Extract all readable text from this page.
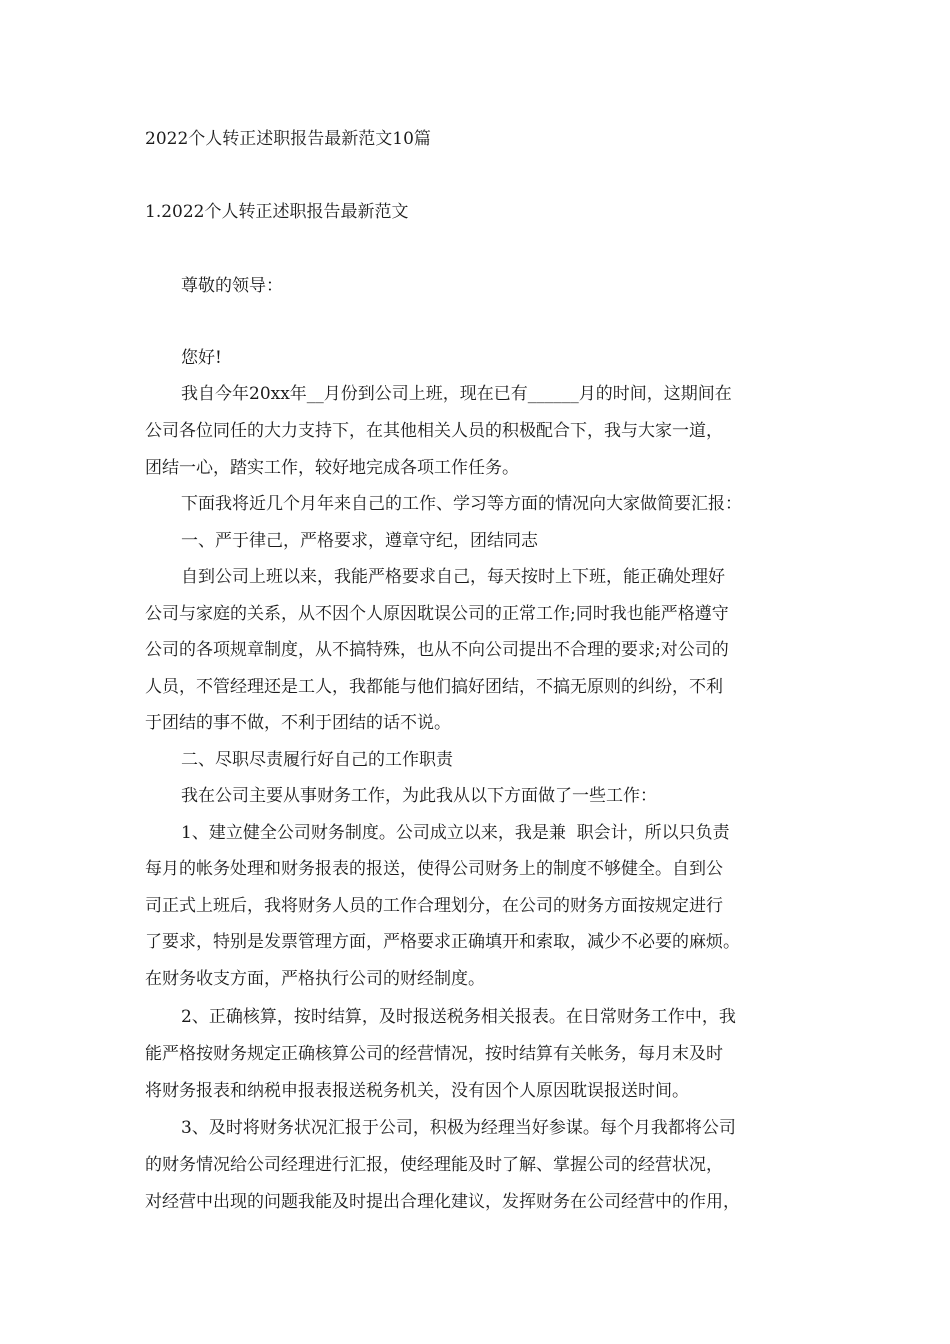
2022个人转正述职报告最新范文10篇
1.2022个人转正述职报告最新范文
尊敬的领导：
您好!
我自今年20xx年__月份到公司上班，现在已有______月的时间，这期间在
公司各位同任的大力支持下，在其他相关人员的积极配合下，我与大家一道，
团结一心，踏实工作，较好地完成各项工作任务。
下面我将近几个月年来自己的工作、学习等方面的情况向大家做简要汇报：
一、严于律己，严格要求，遵章守纪，团结同志
自到公司上班以来，我能严格要求自己，每天按时上下班，能正确处理好
公司与家庭的关系，从不因个人原因耽误公司的正常工作;同时我也能严格遵守
公司的各项规章制度，从不搞特殊，也从不向公司提出不合理的要求;对公司的
人员，不管经理还是工人，我都能与他们搞好团结，不搞无原则的纠纷，不利
于团结的事不做，不利于团结的话不说。
二、尽职尽责履行好自己的工作职责
我在公司主要从事财务工作，为此我从以下方面做了一些工作：
1、建立健全公司财务制度。公司成立以来，我是兼  职会计，所以只负责
每月的帐务处理和财务报表的报送，使得公司财务上的制度不够健全。自到公
司正式上班后，我将财务人员的工作合理划分，在公司的财务方面按规定进行
了要求，特别是发票管理方面，严格要求正确填开和索取，减少不必要的麻烦。
在财务收支方面，严格执行公司的财经制度。
2、正确核算，按时结算，及时报送税务相关报表。在日常财务工作中，我
能严格按财务规定正确核算公司的经营情况，按时结算有关帐务，每月末及时
将财务报表和纳税申报表报送税务机关，没有因个人原因耽误报送时间。
3、及时将财务状况汇报于公司，积极为经理当好参谋。每个月我都将公司
的财务情况给公司经理进行汇报，使经理能及时了解、掌握公司的经营状况，
对经营中出现的问题我能及时提出合理化建议，发挥财务在公司经营中的作用，
